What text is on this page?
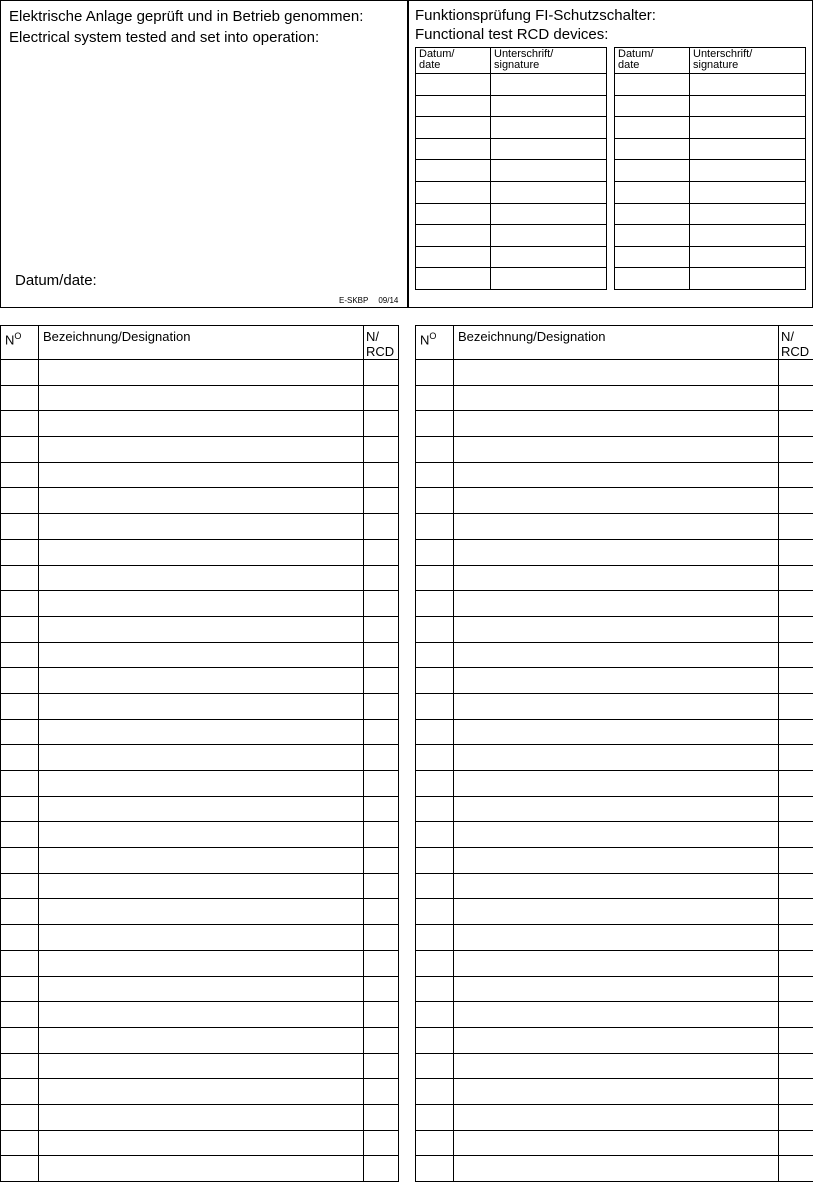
Elektrische Anlage geprüft und in Betrieb genommen:
Electrical system tested and set into operation:
Datum/date:
E-SKBP 09/14
Funktionsprüfung FI-Schutzschalter:
Functional test RCD devices:
Datum/
date	Unterschrift/
signature

Datum/
date	Unterschrift/
signature

$N^O$	Bezeichnung/Designation	N/
RCD

$N^O$	Bezeichnung/Designation	N/
RCD
